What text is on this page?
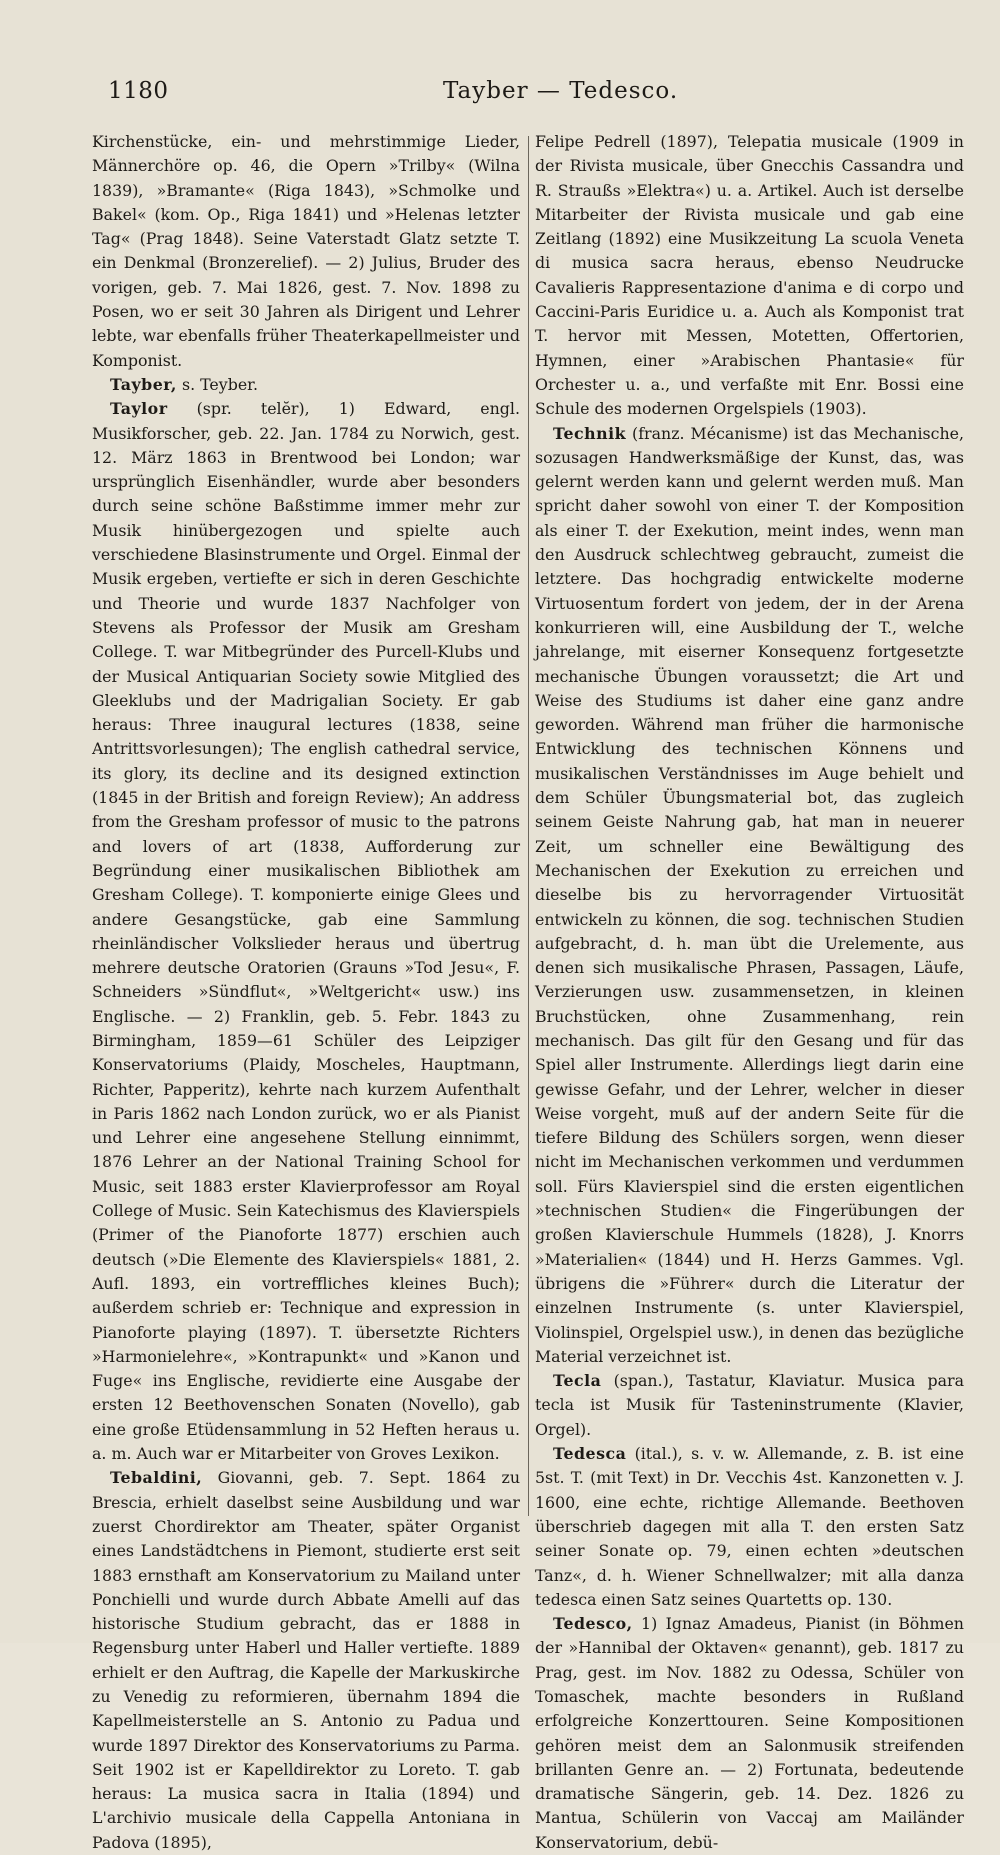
1180	Tayber — Tedesco.

Kirchenstücke, ein- und mehrstimmige Lieder, Männerchöre op. 46, die Opern »Trilby« (Wilna 1839), »Bramante« (Riga 1843), »Schmolke und Bakel« (kom. Op., Riga 1841) und »Helenas letzter Tag« (Prag 1848). Seine Vaterstadt Glatz setzte T. ein Denkmal (Bronzerelief). — 2) Julius, Bruder des vorigen, geb. 7. Mai 1826, gest. 7. Nov. 1898 zu Posen, wo er seit 30 Jahren als Dirigent und Lehrer lebte, war ebenfalls früher Theaterkapellmeister und Komponist.

Tayber, s. Teyber.

Taylor (spr. telĕr), 1) Edward, engl. Musikforscher, geb. 22. Jan. 1784 zu Norwich, gest. 12. März 1863 in Brentwood bei London; war ursprünglich Eisenhändler, wurde aber besonders durch seine schöne Baßstimme immer mehr zur Musik hinübergezogen und spielte auch verschiedene Blasinstrumente und Orgel. Einmal der Musik ergeben, vertiefte er sich in deren Geschichte und Theorie und wurde 1837 Nachfolger von Stevens als Professor der Musik am Gresham College. T. war Mitbegründer des Purcell-Klubs und der Musical Antiquarian Society sowie Mitglied des Gleeklubs und der Madrigalian Society. Er gab heraus: Three inaugural lectures (1838, seine Antrittsvorlesungen); The english cathedral service, its glory, its decline and its designed extinction (1845 in der British and foreign Review); An address from the Gresham professor of music to the patrons and lovers of art (1838, Aufforderung zur Begründung einer musikalischen Bibliothek am Gresham College). T. komponierte einige Glees und andere Gesangstücke, gab eine Sammlung rheinländischer Volkslieder heraus und übertrug mehrere deutsche Oratorien (Grauns »Tod Jesu«, F. Schneiders »Sündflut«, »Weltgericht« usw.) ins Englische. — 2) Franklin, geb. 5. Febr. 1843 zu Birmingham, 1859—61 Schüler des Leipziger Konservatoriums (Plaidy, Moscheles, Hauptmann, Richter, Papperitz), kehrte nach kurzem Aufenthalt in Paris 1862 nach London zurück, wo er als Pianist und Lehrer eine angesehene Stellung einnimmt, 1876 Lehrer an der National Training School for Music, seit 1883 erster Klavierprofessor am Royal College of Music. Sein Katechismus des Klavierspiels (Primer of the Pianoforte 1877) erschien auch deutsch (»Die Elemente des Klavierspiels« 1881, 2. Aufl. 1893, ein vortreffliches kleines Buch); außerdem schrieb er: Technique and expression in Pianoforte playing (1897). T. übersetzte Richters »Harmonielehre«, »Kontrapunkt« und »Kanon und Fuge« ins Englische, revidierte eine Ausgabe der ersten 12 Beethovenschen Sonaten (Novello), gab eine große Etüdensammlung in 52 Heften heraus u. a. m. Auch war er Mitarbeiter von Groves Lexikon.

Tebaldini, Giovanni, geb. 7. Sept. 1864 zu Brescia, erhielt daselbst seine Ausbildung und war zuerst Chordirektor am Theater, später Organist eines Landstädtchens in Piemont, studierte erst seit 1883 ernsthaft am Konservatorium zu Mailand unter Ponchielli und wurde durch Abbate Amelli auf das historische Studium gebracht, das er 1888 in Regensburg unter Haberl und Haller vertiefte. 1889 erhielt er den Auftrag, die Kapelle der Markuskirche zu Venedig zu reformieren, übernahm 1894 die Kapellmeisterstelle an S. Antonio zu Padua und wurde 1897 Direktor des Konservatoriums zu Parma. Seit 1902 ist er Kapelldirektor zu Loreto. T. gab heraus: La musica sacra in Italia (1894) und L'archivio musicale della Cappella Antoniana in Padova (1895),

Felipe Pedrell (1897), Telepatia musicale (1909 in der Rivista musicale, über Gnecchis Cassandra und R. Straußs »Elektra«) u. a. Artikel. Auch ist derselbe Mitarbeiter der Rivista musicale und gab eine Zeitlang (1892) eine Musikzeitung La scuola Veneta di musica sacra heraus, ebenso Neudrucke Cavalieris Rappresentazione d'anima e di corpo und Caccini-Paris Euridice u. a. Auch als Komponist trat T. hervor mit Messen, Motetten, Offertorien, Hymnen, einer »Arabischen Phantasie« für Orchester u. a., und verfaßte mit Enr. Bossi eine Schule des modernen Orgelspiels (1903).

Technik (franz. Mécanisme) ist das Mechanische, sozusagen Handwerksmäßige der Kunst, das, was gelernt werden kann und gelernt werden muß. Man spricht daher sowohl von einer T. der Komposition als einer T. der Exekution, meint indes, wenn man den Ausdruck schlechtweg gebraucht, zumeist die letztere. Das hochgradig entwickelte moderne Virtuosentum fordert von jedem, der in der Arena konkurrieren will, eine Ausbildung der T., welche jahrelange, mit eiserner Konsequenz fortgesetzte mechanische Übungen voraussetzt; die Art und Weise des Studiums ist daher eine ganz andre geworden. Während man früher die harmonische Entwicklung des technischen Könnens und musikalischen Verständnisses im Auge behielt und dem Schüler Übungsmaterial bot, das zugleich seinem Geiste Nahrung gab, hat man in neuerer Zeit, um schneller eine Bewältigung des Mechanischen der Exekution zu erreichen und dieselbe bis zu hervorragender Virtuosität entwickeln zu können, die sog. technischen Studien aufgebracht, d. h. man übt die Urelemente, aus denen sich musikalische Phrasen, Passagen, Läufe, Verzierungen usw. zusammensetzen, in kleinen Bruchstücken, ohne Zusammenhang, rein mechanisch. Das gilt für den Gesang und für das Spiel aller Instrumente. Allerdings liegt darin eine gewisse Gefahr, und der Lehrer, welcher in dieser Weise vorgeht, muß auf der andern Seite für die tiefere Bildung des Schülers sorgen, wenn dieser nicht im Mechanischen verkommen und verdummen soll. Fürs Klavierspiel sind die ersten eigentlichen »technischen Studien« die Fingerübungen der großen Klavierschule Hummels (1828), J. Knorrs »Materialien« (1844) und H. Herzs Gammes. Vgl. übrigens die »Führer« durch die Literatur der einzelnen Instrumente (s. unter Klavierspiel, Violinspiel, Orgelspiel usw.), in denen das bezügliche Material verzeichnet ist.

Tecla (span.), Tastatur, Klaviatur. Musica para tecla ist Musik für Tasteninstrumente (Klavier, Orgel).

Tedesca (ital.), s. v. w. Allemande, z. B. ist eine 5st. T. (mit Text) in Dr. Vecchis 4st. Kanzonetten v. J. 1600, eine echte, richtige Allemande. Beethoven überschrieb dagegen mit alla T. den ersten Satz seiner Sonate op. 79, einen echten »deutschen Tanz«, d. h. Wiener Schnellwalzer; mit alla danza tedesca einen Satz seines Quartetts op. 130.

Tedesco, 1) Ignaz Amadeus, Pianist (in Böhmen der »Hannibal der Oktaven« genannt), geb. 1817 zu Prag, gest. im Nov. 1882 zu Odessa, Schüler von Tomaschek, machte besonders in Rußland erfolgreiche Konzerttouren. Seine Kompositionen gehören meist dem an Salonmusik streifenden brillanten Genre an. — 2) Fortunata, bedeutende dramatische Sängerin, geb. 14. Dez. 1826 zu Mantua, Schülerin von Vaccaj am Mailänder Konservatorium, debü-
